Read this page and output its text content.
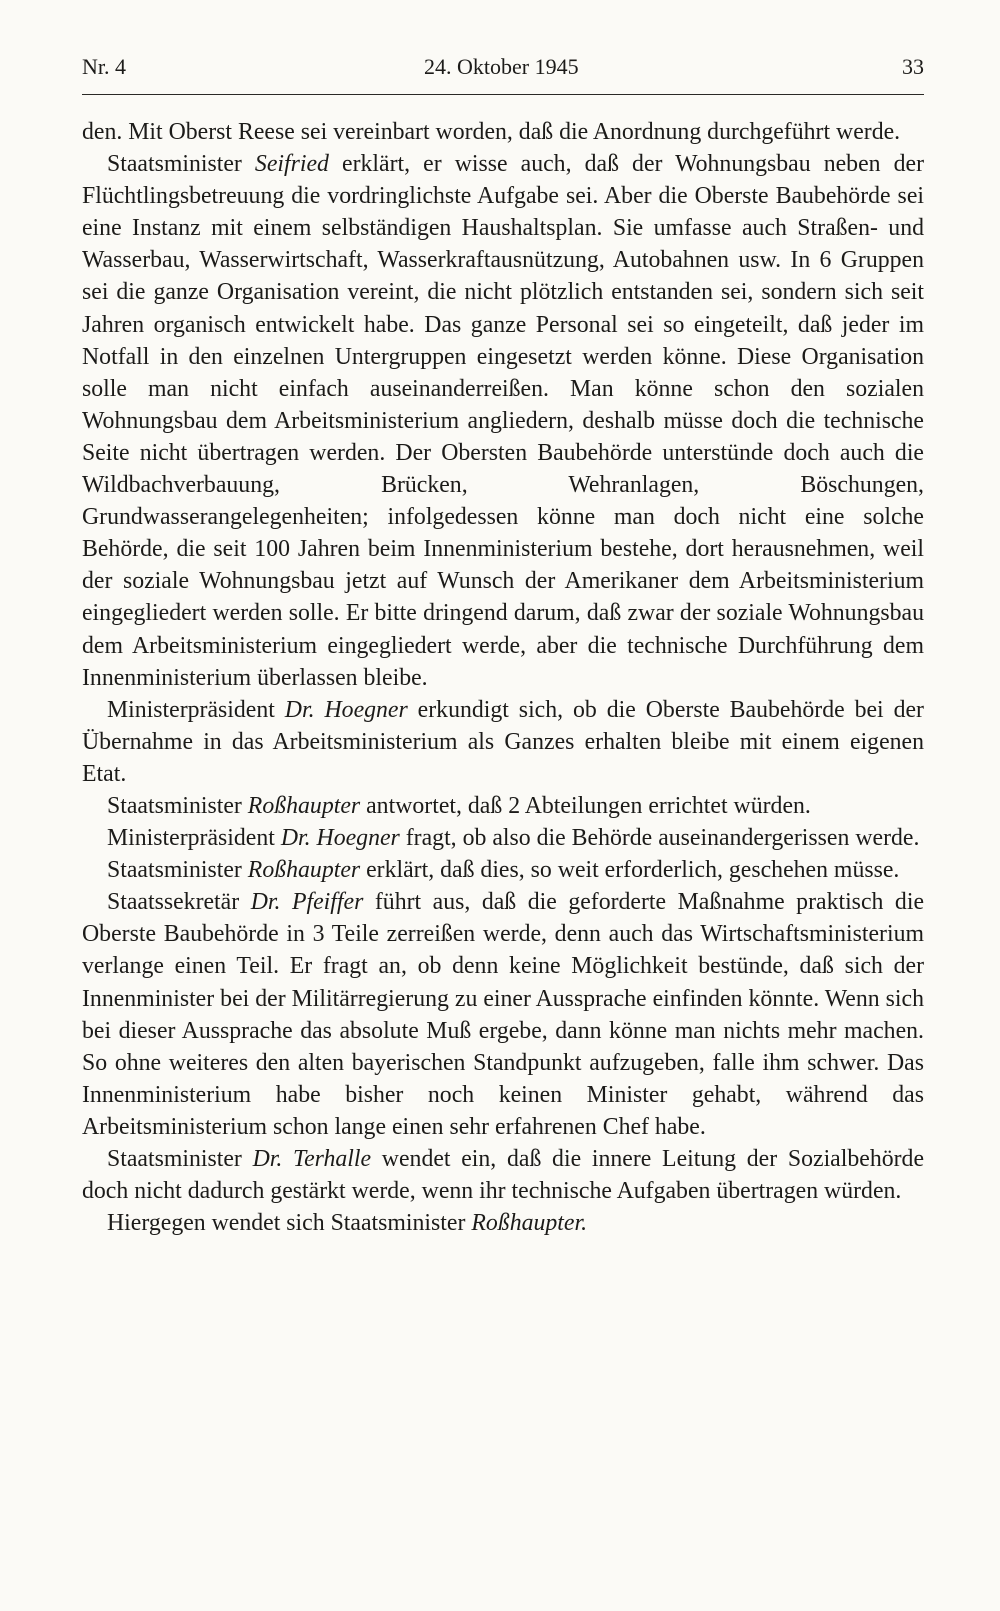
Nr. 4	24. Oktober 1945	33

den. Mit Oberst Reese sei vereinbart worden, daß die Anordnung durchgeführt werde.

Staatsminister Seifried erklärt, er wisse auch, daß der Wohnungsbau neben der Flüchtlingsbetreuung die vordringlichste Aufgabe sei. Aber die Oberste Baubehörde sei eine Instanz mit einem selbständigen Haushaltsplan. Sie umfasse auch Straßen- und Wasserbau, Wasserwirtschaft, Wasserkraftausnützung, Autobahnen usw. In 6 Gruppen sei die ganze Organisation vereint, die nicht plötzlich entstanden sei, sondern sich seit Jahren organisch entwickelt habe. Das ganze Personal sei so eingeteilt, daß jeder im Notfall in den einzelnen Untergruppen eingesetzt werden könne. Diese Organisation solle man nicht einfach auseinanderreißen. Man könne schon den sozialen Wohnungsbau dem Arbeitsministerium angliedern, deshalb müsse doch die technische Seite nicht übertragen werden. Der Obersten Baubehörde unterstünde doch auch die Wildbachverbauung, Brücken, Wehranlagen, Böschungen, Grundwasserangelegenheiten; infolgedessen könne man doch nicht eine solche Behörde, die seit 100 Jahren beim Innenministerium bestehe, dort herausnehmen, weil der soziale Wohnungsbau jetzt auf Wunsch der Amerikaner dem Arbeitsministerium eingegliedert werden solle. Er bitte dringend darum, daß zwar der soziale Wohnungsbau dem Arbeitsministerium eingegliedert werde, aber die technische Durchführung dem Innenministerium überlassen bleibe.

Ministerpräsident Dr. Hoegner erkundigt sich, ob die Oberste Baubehörde bei der Übernahme in das Arbeitsministerium als Ganzes erhalten bleibe mit einem eigenen Etat.

Staatsminister Roßhaupter antwortet, daß 2 Abteilungen errichtet würden.

Ministerpräsident Dr. Hoegner fragt, ob also die Behörde auseinandergerissen werde.

Staatsminister Roßhaupter erklärt, daß dies, so weit erforderlich, geschehen müsse.

Staatssekretär Dr. Pfeiffer führt aus, daß die geforderte Maßnahme praktisch die Oberste Baubehörde in 3 Teile zerreißen werde, denn auch das Wirtschaftsministerium verlange einen Teil. Er fragt an, ob denn keine Möglichkeit bestünde, daß sich der Innenminister bei der Militärregierung zu einer Aussprache einfinden könnte. Wenn sich bei dieser Aussprache das absolute Muß ergebe, dann könne man nichts mehr machen. So ohne weiteres den alten bayerischen Standpunkt aufzugeben, falle ihm schwer. Das Innenministerium habe bisher noch keinen Minister gehabt, während das Arbeitsministerium schon lange einen sehr erfahrenen Chef habe.

Staatsminister Dr. Terhalle wendet ein, daß die innere Leitung der Sozialbehörde doch nicht dadurch gestärkt werde, wenn ihr technische Aufgaben übertragen würden.

Hiergegen wendet sich Staatsminister Roßhaupter.
